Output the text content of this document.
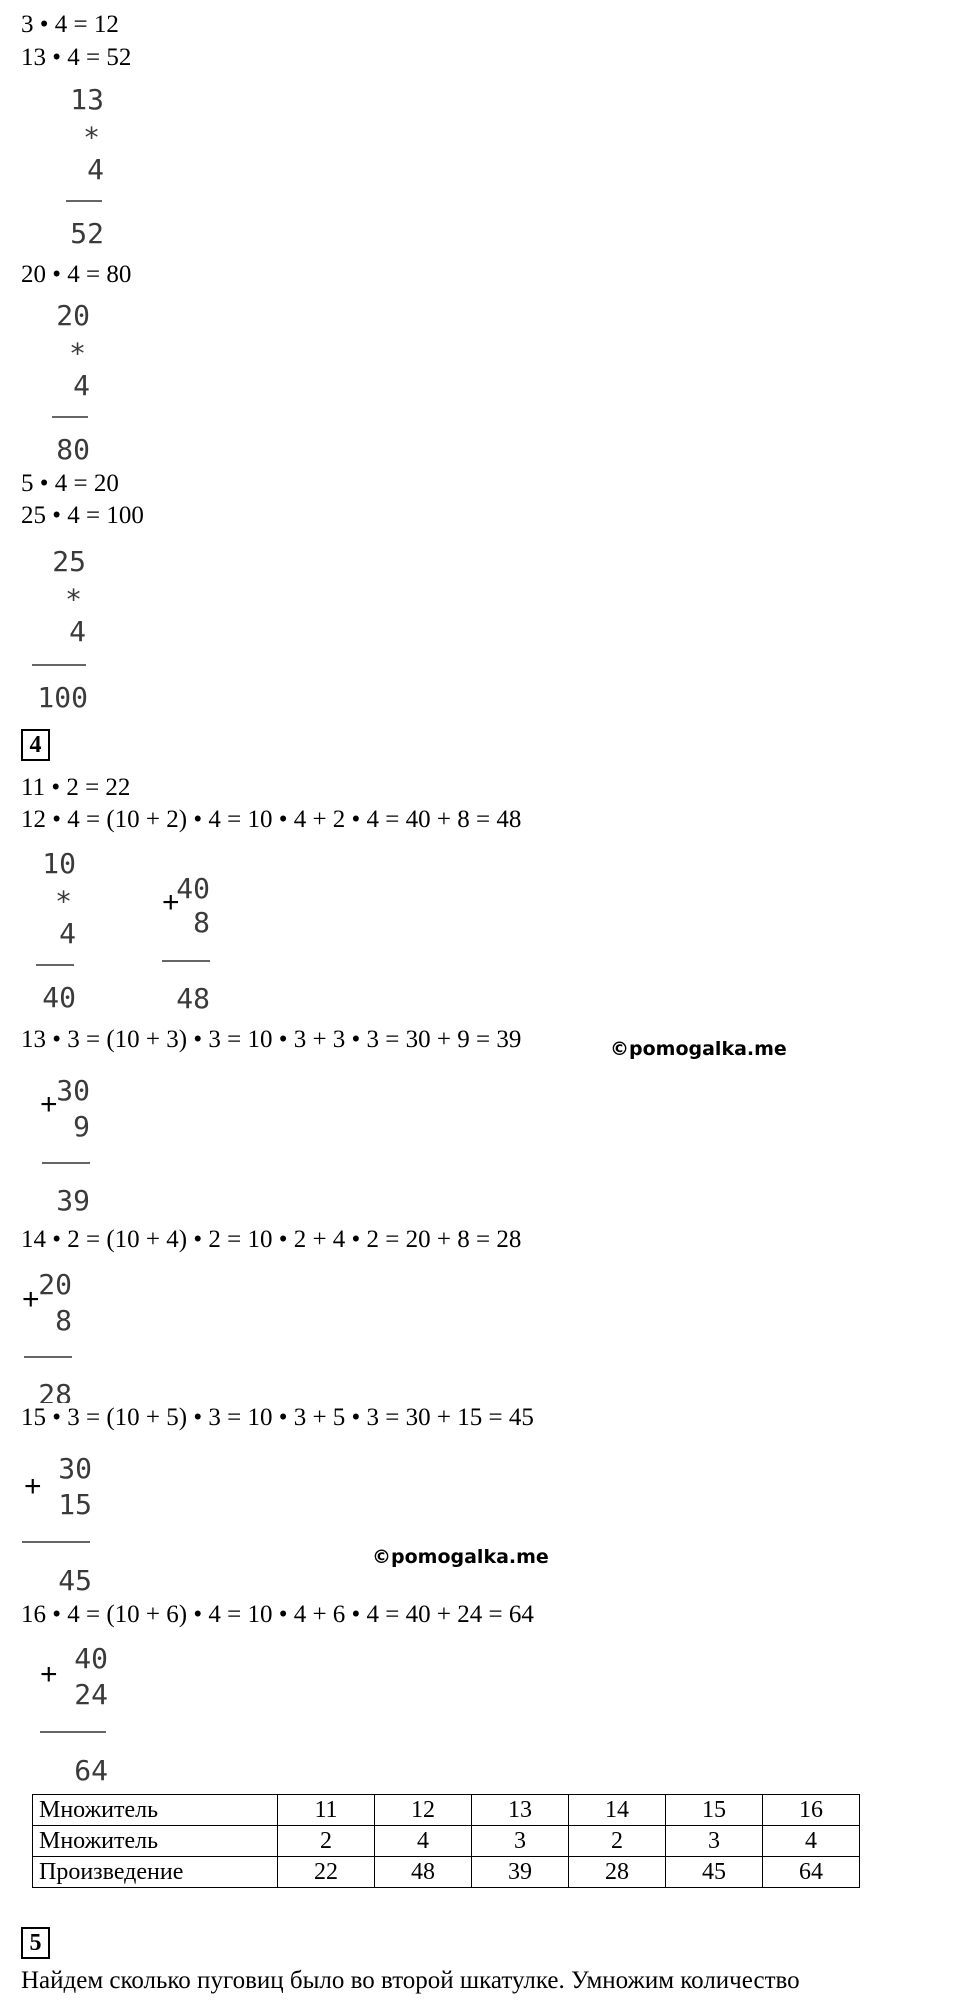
3 • 4 = 12
13 • 4 = 52
13
*
4
52
20 • 4 = 80
20
*
4
80
5 • 4 = 20
25 • 4 = 100
25
*
4
100
4
11 • 2 = 22
12 • 4 = (10 + 2) • 4 = 10 • 4 + 2 • 4 = 40 + 8 = 48
10
*
4
40
+
40
8
48
13 • 3 = (10 + 3) • 3 = 10 • 3 + 3 • 3 = 30 + 9 = 39	©pomogalka.me
+
30
9
39
14 • 2 = (10 + 4) • 2 = 10 • 2 + 4 • 2 = 20 + 8 = 28
+
20
8
28
15 • 3 = (10 + 5) • 3 = 10 • 3 + 5 • 3 = 30 + 15 = 45
+
30
15
45
©pomogalka.me
16 • 4 = (10 + 6) • 4 = 10 • 4 + 6 • 4 = 40 + 24 = 64
+ 40
24
64
Множитель	11	12	13	14	15	16
Множитель	2	4	3	2	3	4
Произведение	22	48	39	28	45	64
5
Найдем сколько пуговиц было во второй шкатулке. Умножим количество
